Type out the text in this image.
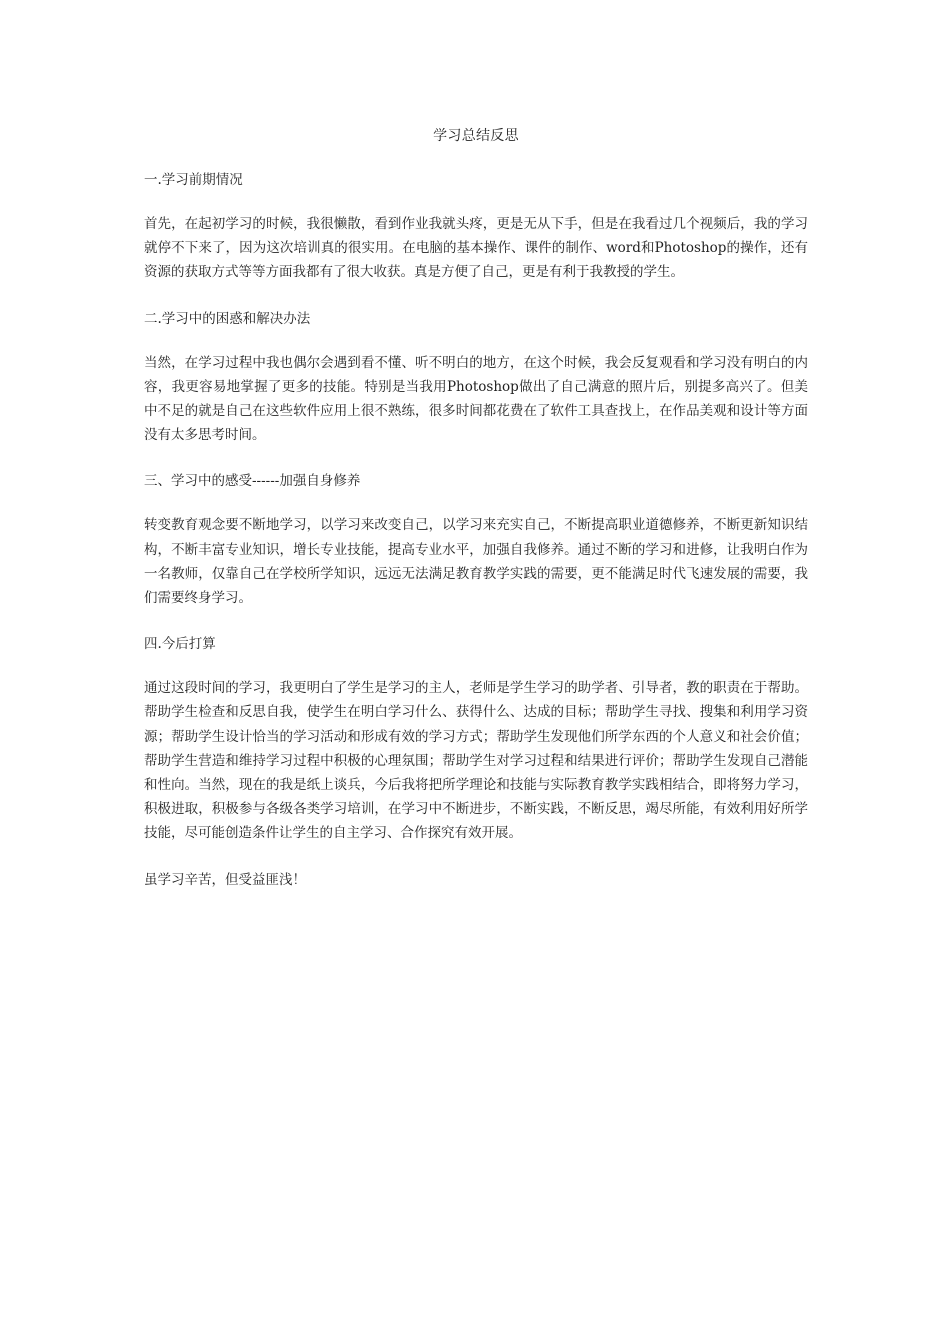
学习总结反思
一.学习前期情况
首先，在起初学习的时候，我很懒散，看到作业我就头疼，更是无从下手，但是在我看过几个视频后，我的学习就停不下来了，因为这次培训真的很实用。在电脑的基本操作、课件的制作、word和Photoshop的操作，还有资源的获取方式等等方面我都有了很大收获。真是方便了自己，更是有利于我教授的学生。
二.学习中的困惑和解决办法
当然，在学习过程中我也偶尔会遇到看不懂、听不明白的地方，在这个时候，我会反复观看和学习没有明白的内容，我更容易地掌握了更多的技能。特别是当我用Photoshop做出了自己满意的照片后，别提多高兴了。但美中不足的就是自己在这些软件应用上很不熟练，很多时间都花费在了软件工具查找上，在作品美观和设计等方面没有太多思考时间。
三、学习中的感受------加强自身修养
转变教育观念要不断地学习，以学习来改变自己，以学习来充实自己，不断提高职业道德修养，不断更新知识结构，不断丰富专业知识，增长专业技能，提高专业水平，加强自我修养。通过不断的学习和进修，让我明白作为一名教师，仅靠自己在学校所学知识，远远无法满足教育教学实践的需要，更不能满足时代飞速发展的需要，我们需要终身学习。
四.今后打算
通过这段时间的学习，我更明白了学生是学习的主人，老师是学生学习的助学者、引导者，教的职责在于帮助。帮助学生检查和反思自我，使学生在明白学习什么、获得什么、达成的目标；帮助学生寻找、搜集和利用学习资源；帮助学生设计恰当的学习活动和形成有效的学习方式；帮助学生发现他们所学东西的个人意义和社会价值；帮助学生营造和维持学习过程中积极的心理氛围；帮助学生对学习过程和结果进行评价；帮助学生发现自己潜能和性向。当然，现在的我是纸上谈兵，今后我将把所学理论和技能与实际教育教学实践相结合，即将努力学习，积极进取，积极参与各级各类学习培训，在学习中不断进步，不断实践，不断反思，竭尽所能，有效利用好所学技能，尽可能创造条件让学生的自主学习、合作探究有效开展。
虽学习辛苦，但受益匪浅！
